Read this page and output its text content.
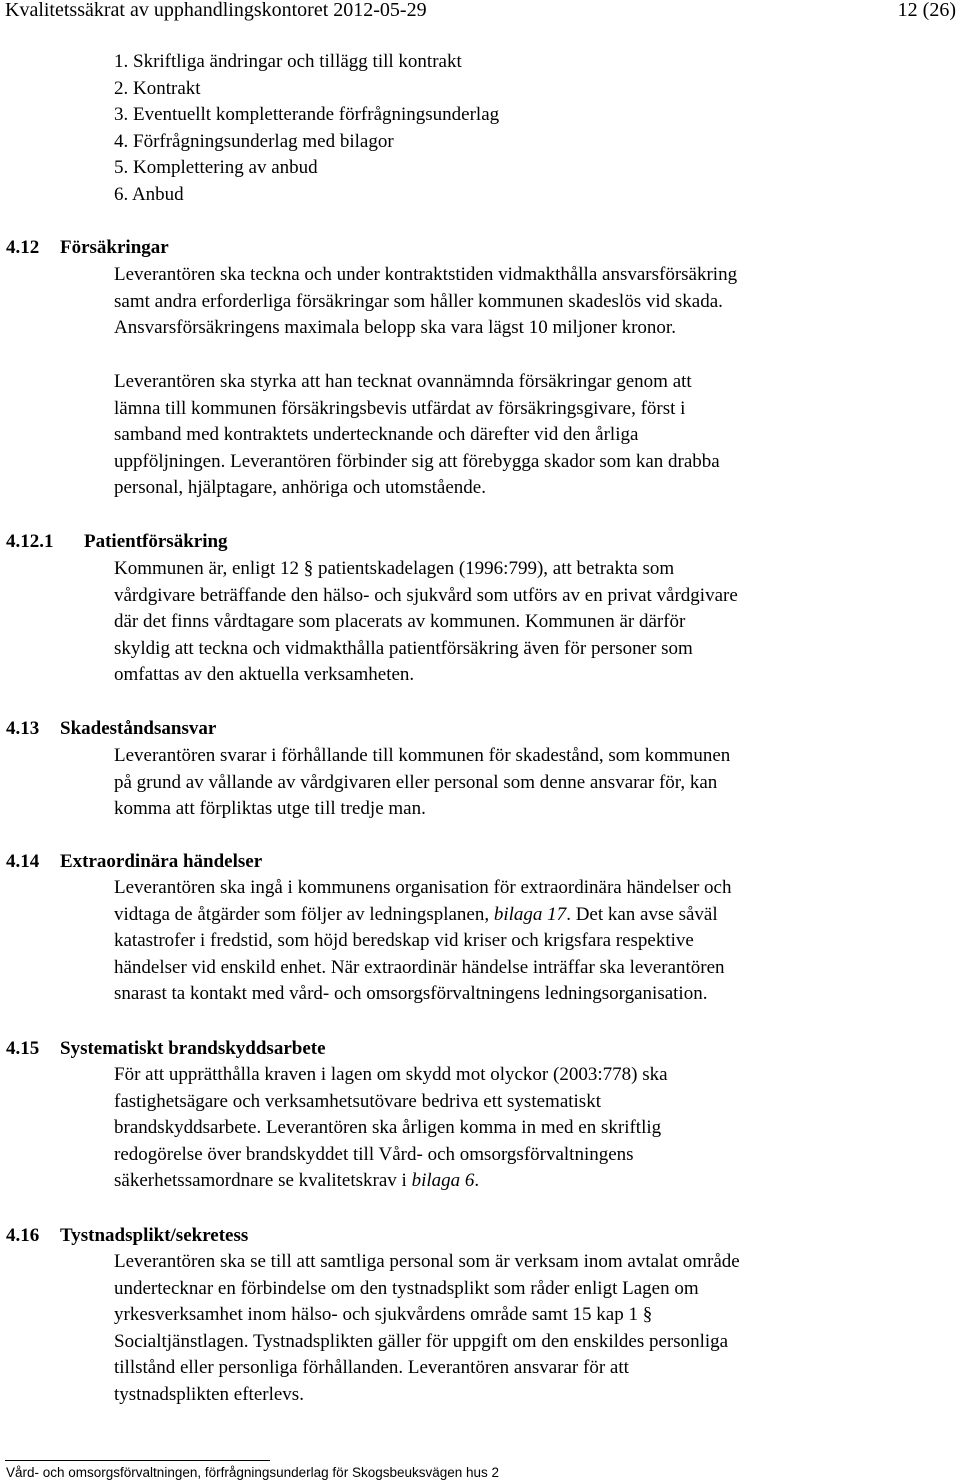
Kvalitetssäkrat av upphandlingskontoret 2012-05-29	12 (26)
1. Skriftliga ändringar och tillägg till kontrakt
2. Kontrakt
3. Eventuellt kompletterande förfrågningsunderlag
4. Förfrågningsunderlag med bilagor
5. Komplettering av anbud
6. Anbud
4.12 Försäkringar
Leverantören ska teckna och under kontraktstiden vidmakthålla ansvarsförsäkring
samt andra erforderliga försäkringar som håller kommunen skadeslös vid skada.
Ansvarsförsäkringens maximala belopp ska vara lägst 10 miljoner kronor.
Leverantören ska styrka att han tecknat ovannämnda försäkringar genom att
lämna till kommunen försäkringsbevis utfärdat av försäkringsgivare, först i
samband med kontraktets undertecknande och därefter vid den årliga
uppföljningen. Leverantören förbinder sig att förebygga skador som kan drabba
personal, hjälptagare, anhöriga och utomstående.
4.12.1 Patientförsäkring
Kommunen är, enligt 12 § patientskadelagen (1996:799), att betrakta som
vårdgivare beträffande den hälso- och sjukvård som utförs av en privat vårdgivare
där det finns vårdtagare som placerats av kommunen. Kommunen är därför
skyldig att teckna och vidmakthålla patientförsäkring även för personer som
omfattas av den aktuella verksamheten.
4.13 Skadeståndsansvar
Leverantören svarar i förhållande till kommunen för skadestånd, som kommunen
på grund av vållande av vårdgivaren eller personal som denne ansvarar för, kan
komma att förpliktas utge till tredje man.
4.14 Extraordinära händelser
Leverantören ska ingå i kommunens organisation för extraordinära händelser och
vidtaga de åtgärder som följer av ledningsplanen, bilaga 17. Det kan avse såväl
katastrofer i fredstid, som höjd beredskap vid kriser och krigsfara respektive
händelser vid enskild enhet. När extraordinär händelse inträffar ska leverantören
snarast ta kontakt med vård- och omsorgsförvaltningens ledningsorganisation.
4.15 Systematiskt brandskyddsarbete
För att upprätthålla kraven i lagen om skydd mot olyckor (2003:778) ska
fastighetsägare och verksamhetsutövare bedriva ett systematiskt
brandskyddsarbete. Leverantören ska årligen komma in med en skriftlig
redogörelse över brandskyddet till Vård- och omsorgsförvaltningens
säkerhetssamordnare se kvalitetskrav i bilaga 6.
4.16 Tystnadsplikt/sekretess
Leverantören ska se till att samtliga personal som är verksam inom avtalat område
undertecknar en förbindelse om den tystnadsplikt som råder enligt Lagen om
yrkesverksamhet inom hälso- och sjukvårdens område samt 15 kap 1 §
Socialtjänstlagen. Tystnadsplikten gäller för uppgift om den enskildes personliga
tillstånd eller personliga förhållanden. Leverantören ansvarar för att
tystnadsplikten efterlevs.
Vård- och omsorgsförvaltningen, förfrågningsunderlag för Skogsbeuksvägen hus 2
